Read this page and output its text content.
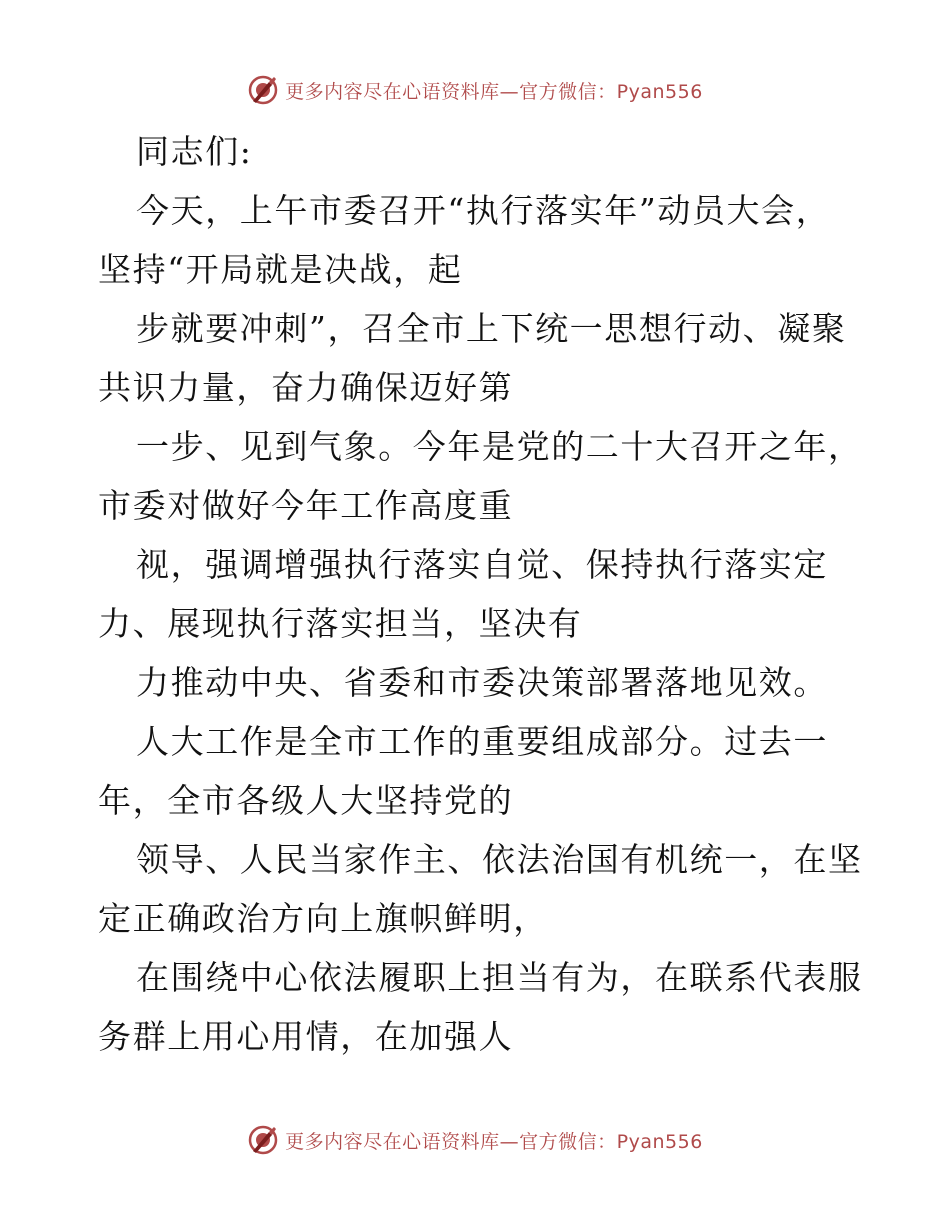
更多内容尽在心语资料库—官方微信：Pyan556
同志们:
今天，上午市委召开“执行落实年”动员大会，
坚持“开局就是决战，起
步就要冲刺”，召全市上下统一思想行动、凝聚
共识力量，奋力确保迈好第
一步、见到气象。今年是党的二十大召开之年，
市委对做好今年工作高度重
视，强调增强执行落实自觉、保持执行落实定
力、展现执行落实担当，坚决有
力推动中央、省委和市委决策部署落地见效。
人大工作是全市工作的重要组成部分。过去一
年，全市各级人大坚持党的
领导、人民当家作主、依法治国有机统一，在坚
定正确政治方向上旗帜鲜明，
在围绕中心依法履职上担当有为，在联系代表服
务群上用心用情，在加强人
更多内容尽在心语资料库—官方微信：Pyan556
